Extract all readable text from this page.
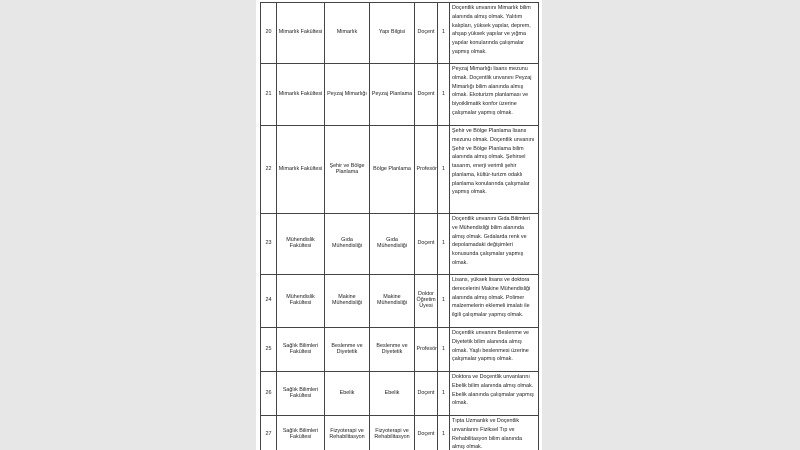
20	Mimarlık Fakültesi	Mimarlık	Yapı Bilgisi	Doçent	1	Doçentlik unvanını Mimarlık bilim alanında almış olmak. Yalıtım kalıpları, yüksek yapılar, deprem, ahşap yüksek yapılar ve yığma yapılar konularında çalışmalar yapmış olmak.
21	Mimarlık Fakültesi	Peyzaj Mimarlığı	Peyzaj Planlama	Doçent	1	Peyzaj Mimarlığı lisans mezunu olmak. Doçentlik unvanını Peyzaj Mimarlığı bilim alanında almış olmak. Ekoturizm planlaması ve biyoiklimatik konfor üzerine çalışmalar yapmış olmak.
22	Mimarlık Fakültesi	Şehir ve Bölge Planlama	Bölge Planlama	Profesör	1	Şehir ve Bölge Planlama lisans mezunu olmak. Doçentlik unvanını Şehir ve Bölge Planlama bilim alanında almış olmak. Şehirsel tasarım, enerji verimli şehir planlama, kültür-turizm odaklı planlama konularında çalışmalar yapmış olmak.
23	Mühendislik Fakültesi	Gıda Mühendisliği	Gıda Mühendisliği	Doçent	1	Doçentlik unvanını Gıda Bilimleri ve Mühendisliği bilim alanında almış olmak. Gıdalarda renk ve depolamadaki değişimleri konusunda çalışmalar yapmış olmak.
24	Mühendislik Fakültesi	Makine Mühendisliği	Makine Mühendisliği	Doktor Öğretim Üyesi	1	Lisans, yüksek lisans ve doktora derecelerini Makine Mühendisliği alanında almış olmak. Polimer malzemelerin eklemeli imalatı ile ilgili çalışmalar yapmış olmak.
25	Sağlık Bilimleri Fakültesi	Beslenme ve Diyetetik	Beslenme ve Diyetetik	Profesör	1	Doçentlik unvanını Beslenme ve Diyetetik bilim alanında almış olmak. Yaşlı beslenmesi üzerine çalışmalar yapmış olmak.
26	Sağlık Bilimleri Fakültesi	Ebelik	Ebelik	Doçent	1	Doktora ve Doçentlik unvanlarını Ebelik bilim alanında almış olmak. Ebelik alanında çalışmalar yapmış olmak.
27	Sağlık Bilimleri Fakültesi	Fizyoterapi ve Rehabilitasyon	Fizyoterapi ve Rehabilitasyon	Doçent	1	Tıpta Uzmanlık ve Doçentlik unvanlarını Fiziksel Tıp ve Rehabilitasyon bilim alanında almış olmak.
